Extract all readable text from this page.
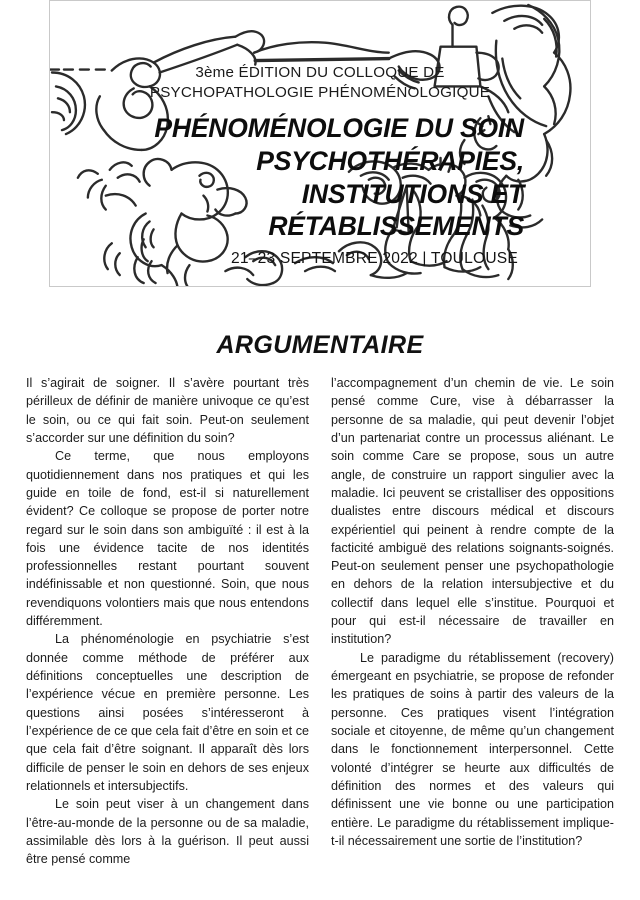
3ème ÉDITION DU COLLOQUE DE
PSYCHOPATHOLOGIE PHÉNOMÉNOLOGIQUE
PHÉNOMÉNOLOGIE DU SOIN
PSYCHOTHÉRAPIES,
INSTITUTIONS ET
RÉTABLISSEMENTS
21–23 SEPTEMBRE 2022 | TOULOUSE
ARGUMENTAIRE

Il s’agirait de soigner. Il s’avère pourtant très périlleux de définir de manière univoque ce qu’est le soin, ou ce qui fait soin. Peut-on seulement s’accorder sur une définition du soin?

Ce terme, que nous employons quotidiennement dans nos pratiques et qui les guide en toile de fond, est-il si naturellement évident? Ce colloque se propose de porter notre regard sur le soin dans son ambiguïté : il est à la fois une évidence tacite de nos identités professionnelles restant pourtant souvent indéfinissable et non questionné. Soin, que nous revendiquons volontiers mais que nous entendons différemment.

La phénoménologie en psychiatrie s’est donnée comme méthode de préférer aux définitions conceptuelles une description de l’expérience vécue en première personne. Les questions ainsi posées s’intéresseront à l’expérience de ce que cela fait d’être en soin et ce que cela fait d’être soignant. Il apparaît dès lors difficile de penser le soin en dehors de ses enjeux relationnels et intersubjectifs.

Le soin peut viser à un changement dans l’être-au-monde de la personne ou de sa maladie, assimilable dès lors à la guérison. Il peut aussi être pensé comme

l’accompagnement d’un chemin de vie. Le soin pensé comme Cure, vise à débarrasser la personne de sa maladie, qui peut devenir l’objet d’un partenariat contre un processus aliénant. Le soin comme Care se propose, sous un autre angle, de construire un rapport singulier avec la maladie. Ici peuvent se cristalliser des oppositions dualistes entre discours médical et discours expérientiel qui peinent à rendre compte de la facticité ambiguë des relations soignants-soignés. Peut-on seulement penser une psychopathologie en dehors de la relation intersubjective et du collectif dans lequel elle s’institue. Pourquoi et pour qui est-il nécessaire de travailler en institution?

Le paradigme du rétablissement (recovery) émergeant en psychiatrie, se propose de refonder les pratiques de soins à partir des valeurs de la personne. Ces pratiques visent l’intégration sociale et citoyenne, de même qu’un changement dans le fonctionnement interpersonnel. Cette volonté d’intégrer se heurte aux difficultés de définition des normes et des valeurs qui définissent une vie bonne ou une participation entière. Le paradigme du rétablissement implique-t-il nécessairement une sortie de l’institution?
